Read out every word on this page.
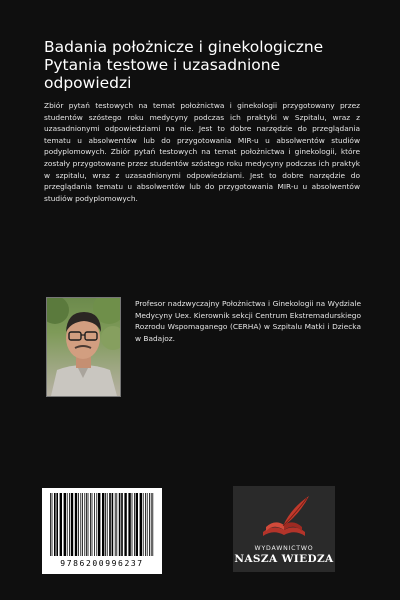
Badania położnicze i ginekologiczne
Pytania testowe i uzasadnione
odpowiedzi
Zbiór pytań testowych na temat położnictwa i ginekologii przygotowany przez studentów szóstego roku medycyny podczas ich praktyki w Szpitalu, wraz z uzasadnionymi odpowiedziami na nie. Jest to dobre narzędzie do przeglądania tematu u absolwentów lub do przygotowania MIR-u u absolwentów studiów podyplomowych. Zbiór pytań testowych na temat położnictwa i ginekologii, które zostały przygotowane przez studentów szóstego roku medycyny podczas ich praktyk w szpitalu, wraz z uzasadnionymi odpowiedziami. Jest to dobre narzędzie do przeglądania tematu u absolwentów lub do przygotowania MIR-u u absolwentów studiów podyplomowych.
Profesor nadzwyczajny Położnictwa i Ginekologii na Wydziale Medycyny Uex. Kierownik sekcji Centrum Ekstremadurskiego Rozrodu Wspomaganego (CERHA) w Szpitalu Matki i Dziecka w Badajoz.
9786200996237
WYDAWNICTWO
NASZA WIEDZA
